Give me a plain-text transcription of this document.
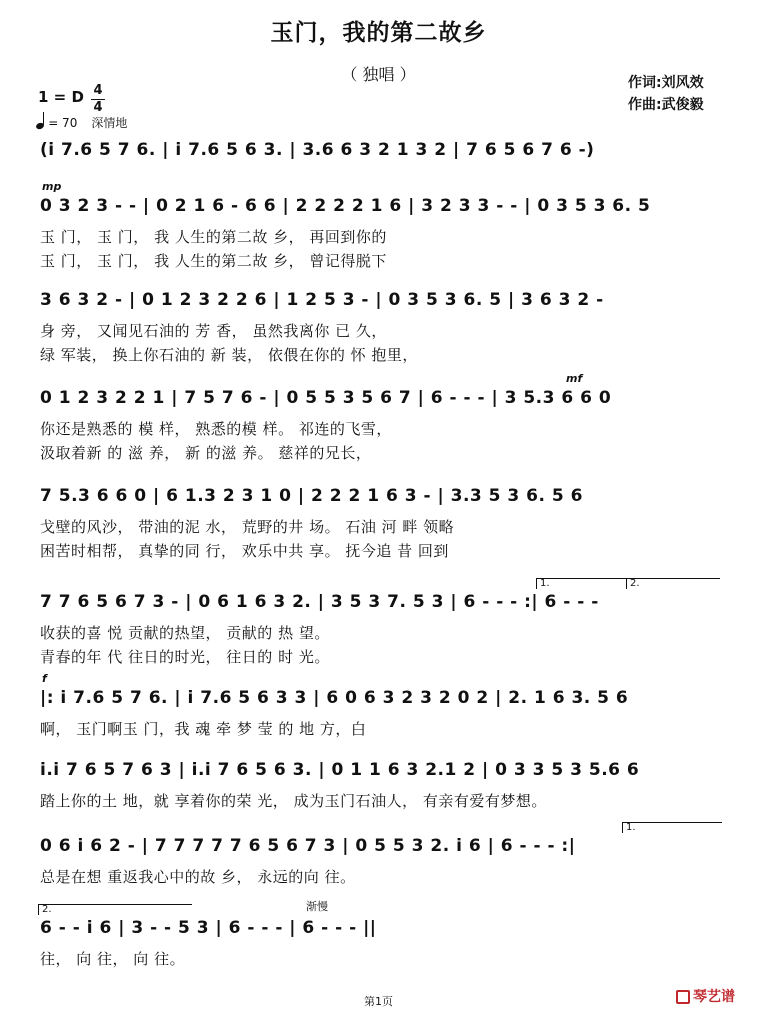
玉门，我的第二故乡
（ 独唱 ）	作词:刘风效
作曲:武俊毅
1 = D 4
4
= 70 深情地
(i 7.6 5 7 6. | i 7.6 5 6 3. | 3.6 6 3 2 1 3 2 | 7 6 5 6 7 6 -)
0 3 2 3 - - | 0 2 1 6 - 6 6 | 2 2 2 2 1 6 | 3 2 3 3 - - | 0 3 5 3 6. 5
mp
玉 门， 玉 门， 我 人生的第二故 乡， 再回到你的
玉 门， 玉 门， 我 人生的第二故 乡， 曾记得脱下
3 6 3 2 - | 0 1 2 3 2 2 6 | 1 2 5 3 - | 0 3 5 3 6. 5 | 3 6 3 2 -
身 旁， 又闻见石油的 芳 香， 虽然我离你 已 久，
绿 军装， 换上你石油的 新 装， 依偎在你的 怀 抱里，
0 1 2 3 2 2 1 | 7 5 7 6 - | 0 5 5 3 5 6 7 | 6 - - - | 3 5.3 6 6 0
mf
你还是熟悉的 模 样， 熟悉的模 样。 祁连的飞雪，
汲取着新 的 滋 养， 新 的滋 养。 慈祥的兄长，
7 5.3 6 6 0 | 6 1.3 2 3 1 0 | 2 2 2 1 6 3 - | 3.3 5 3 6. 5 6
戈壁的风沙， 带油的泥 水， 荒野的井 场。 石油 河 畔 领略
困苦时相帮， 真挚的同 行， 欢乐中共 享。 抚今追 昔 回到
7 7 6 5 6 7 3 - | 0 6 1 6 3 2. | 3 5 3 7. 5 3 | 6 - - - :| 6 - - -
1.	2.
收获的喜 悦 贡献的热望， 贡献的 热 望。
青春的年 代 往日的时光， 往日的 时 光。
|: i 7.6 5 7 6. | i 7.6 5 6 3 3 | 6 0 6 3 2 3 2 0 2 | 2. 1 6 3. 5 6
f
啊， 玉门啊玉 门，我 魂 牵 梦 莹 的 地 方，白
i.i 7 6 5 7 6 3 | i.i 7 6 5 6 3. | 0 1 1 6 3 2.1 2 | 0 3 3 5 3 5.6 6
踏上你的土 地，就 享着你的荣 光， 成为玉门石油人， 有亲有爱有梦想。
0 6 i 6 2 - | 7 7 7 7 7 6 5 6 7 3 | 0 5 5 3 2. i 6 | 6 - - - :|
1.
总是在想 重返我心中的故 乡， 永远的向 往。
6 - - i 6 | 3 - - 5 3 | 6 - - - | 6 - - - ||
渐慢
2.
往， 向 往， 向 往。
第1页	琴艺谱
